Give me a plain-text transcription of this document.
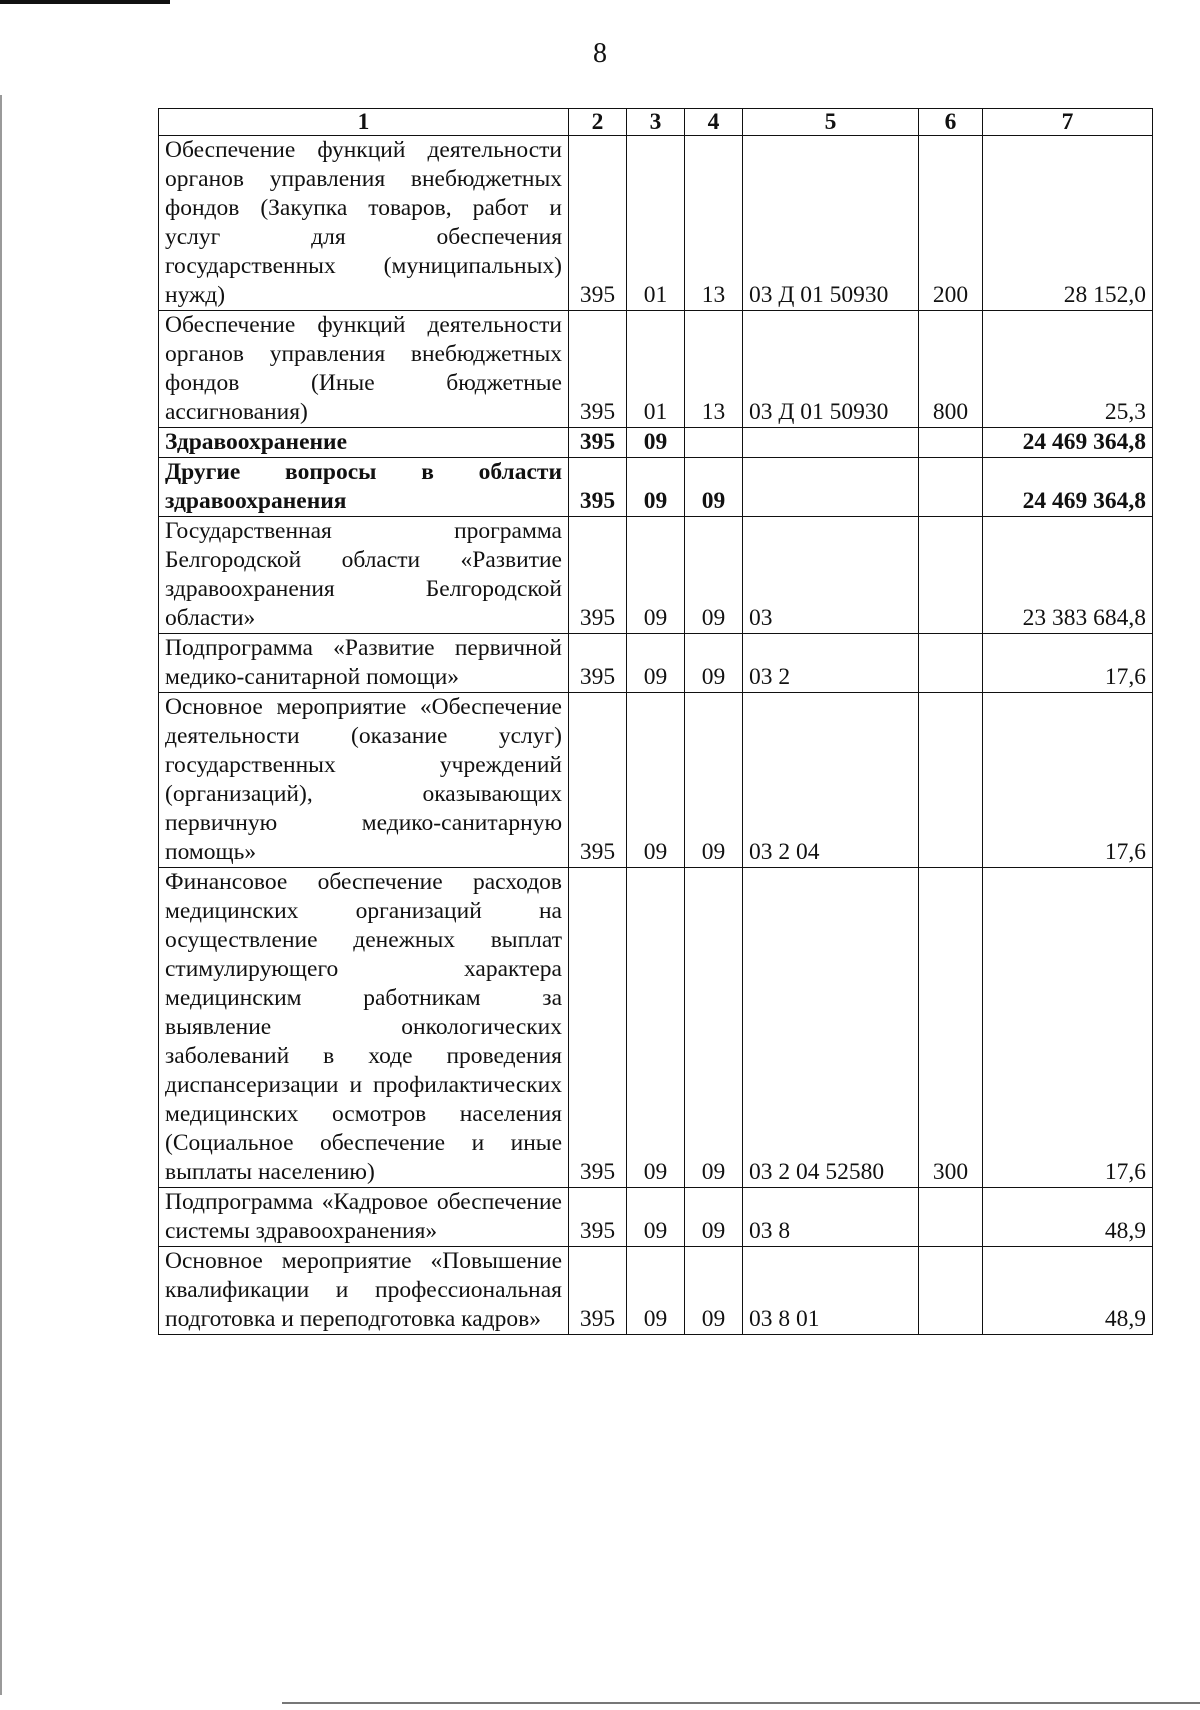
8
1	2	3	4	5	6	7
Обеспечение функций деятельности органов управления внебюджетных фондов (Закупка товаров, работ и услуг для обеспечения государственных (муниципальных) нужд)	395	01	13	03 Д 01 50930	200	28 152,0
Обеспечение функций деятельности органов управления внебюджетных фондов (Иные бюджетные ассигнования)	395	01	13	03 Д 01 50930	800	25,3
Здравоохранение	395	09				24 469 364,8
Другие вопросы в области здравоохранения	395	09	09			24 469 364,8
Государственная программа Белгородской области «Развитие здравоохранения Белгородской области»	395	09	09	03		23 383 684,8
Подпрограмма «Развитие первичной медико-санитарной помощи»	395	09	09	03 2		17,6
Основное мероприятие «Обеспечение деятельности (оказание услуг) государственных учреждений (организаций), оказывающих первичную медико-санитарную помощь»	395	09	09	03 2 04		17,6
Финансовое обеспечение расходов медицинских организаций на осуществление денежных выплат стимулирующего характера медицинским работникам за выявление онкологических заболеваний в ходе проведения диспансеризации и профилактических медицинских осмотров населения (Социальное обеспечение и иные выплаты населению)	395	09	09	03 2 04 52580	300	17,6
Подпрограмма «Кадровое обеспечение системы здравоохранения»	395	09	09	03 8		48,9
Основное мероприятие «Повышение квалификации и профессиональная подготовка и переподготовка кадров»	395	09	09	03 8 01		48,9
